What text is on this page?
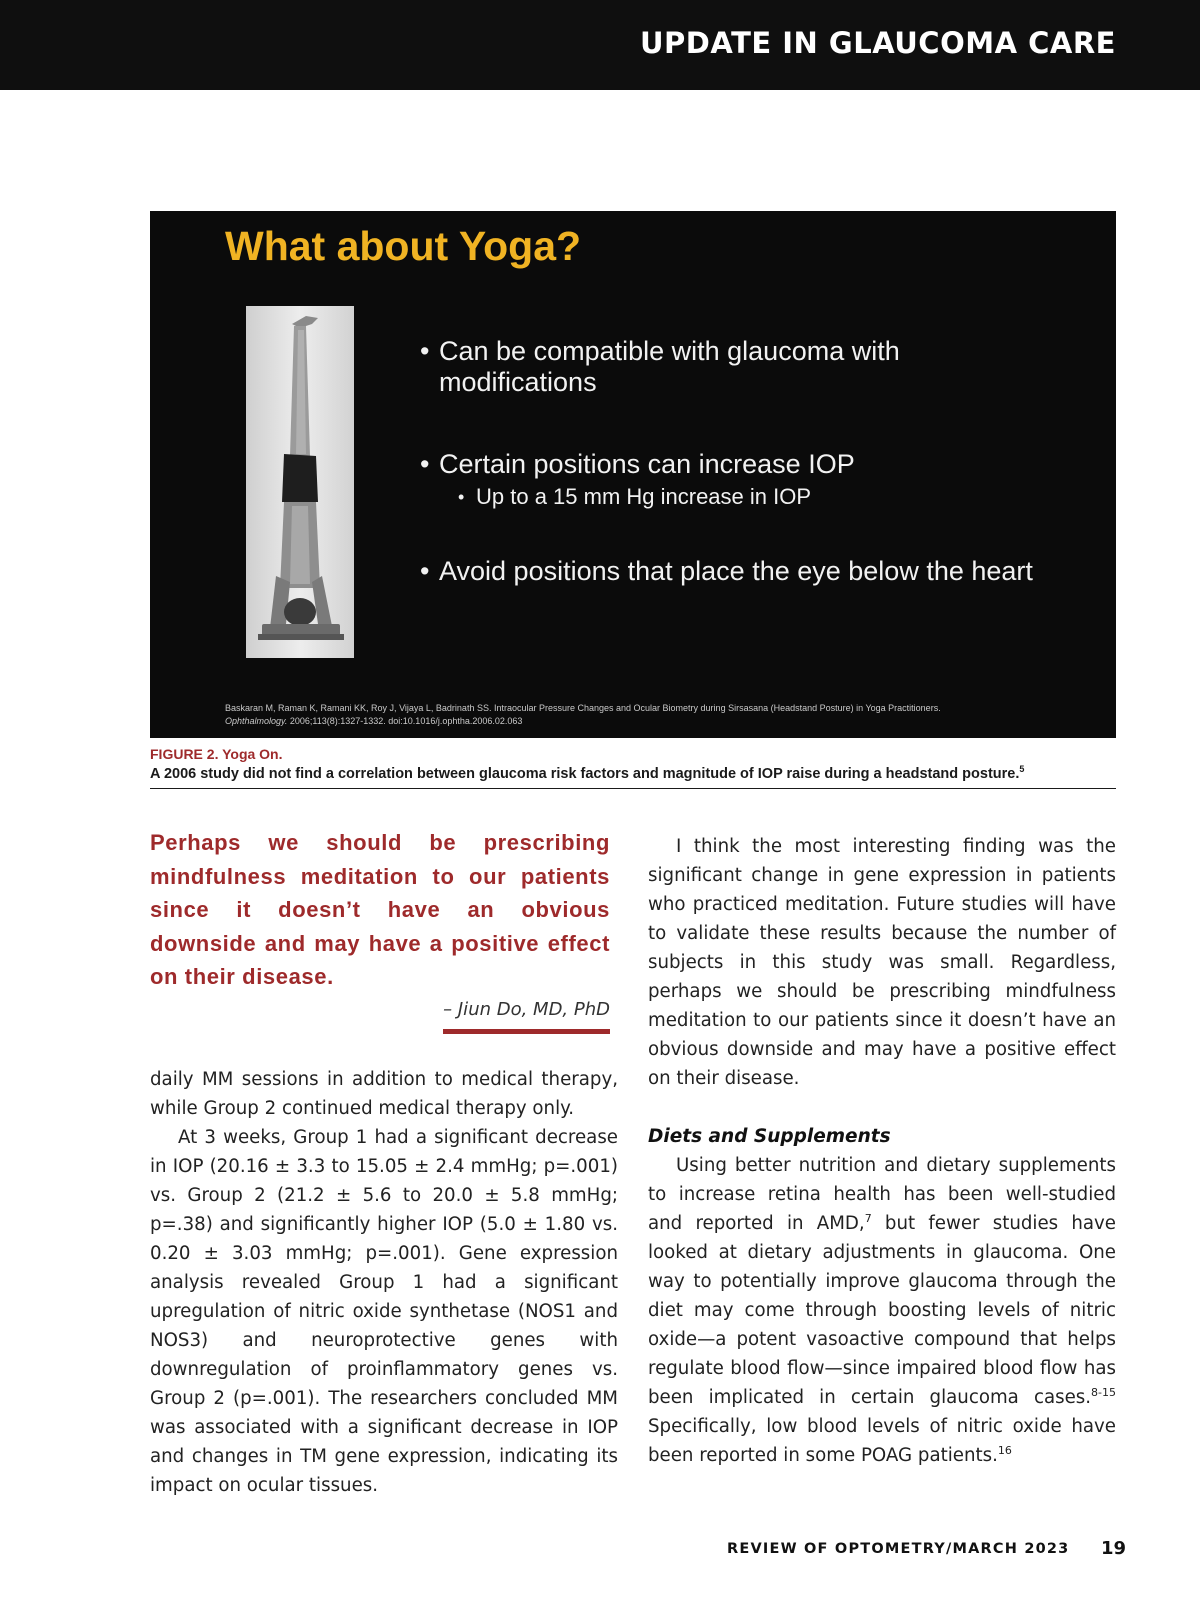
UPDATE IN GLAUCOMA CARE
What about Yoga?
• Can be compatible with glaucoma with modifications
• Certain positions can increase IOP
• Up to a 15 mm Hg increase in IOP
• Avoid positions that place the eye below the heart
Baskaran M, Raman K, Ramani KK, Roy J, Vijaya L, Badrinath SS. Intraocular Pressure Changes and Ocular Biometry during Sirsasana (Headstand Posture) in Yoga Practitioners.
Ophthalmology. 2006;113(8):1327-1332. doi:10.1016/j.ophtha.2006.02.063
FIGURE 2. Yoga On.
A 2006 study did not find a correlation between glaucoma risk factors and magnitude of IOP raise during a headstand posture.$^5$
Perhaps we should be prescribing mindfulness meditation to our patients since it doesn’t have an obvious downside and may have a positive effect on their disease.
– Jiun Do, MD, PhD

daily MM sessions in addition to medical therapy, while Group 2 continued medical therapy only.

At 3 weeks, Group 1 had a significant decrease in IOP (20.16 ± 3.3 to 15.05 ± 2.4 mmHg; p=.001) vs. Group 2 (21.2 ± 5.6 to 20.0 ± 5.8 mmHg; p=.38) and significantly higher IOP (5.0 ± 1.80 vs. 0.20 ± 3.03 mmHg; p=.001). Gene expression analysis revealed Group 1 had a significant upregulation of nitric oxide synthetase (NOS1 and NOS3) and neuroprotective genes with downregulation of proinflammatory genes vs. Group 2 (p=.001). The researchers concluded MM was associated with a significant decrease in IOP and changes in TM gene expression, indicating its impact on ocular tissues.

I think the most interesting finding was the significant change in gene expression in patients who practiced meditation. Future studies will have to validate these results because the number of subjects in this study was small. Regardless, perhaps we should be prescribing mindfulness meditation to our patients since it doesn’t have an obvious downside and may have a positive effect on their disease.

Diets and Supplements

Using better nutrition and dietary supplements to increase retina health has been well-studied and reported in AMD,$^7$ but fewer studies have looked at dietary adjustments in glaucoma. One way to potentially improve glaucoma through the diet may come through boosting levels of nitric oxide—a potent vasoactive compound that helps regulate blood flow—since impaired blood flow has been implicated in certain glaucoma cases.$^{8-15}$ Specifically, low blood levels of nitric oxide have been reported in some POAG patients.$^{16}$

REVIEW OF OPTOMETRY/MARCH 2023 19
